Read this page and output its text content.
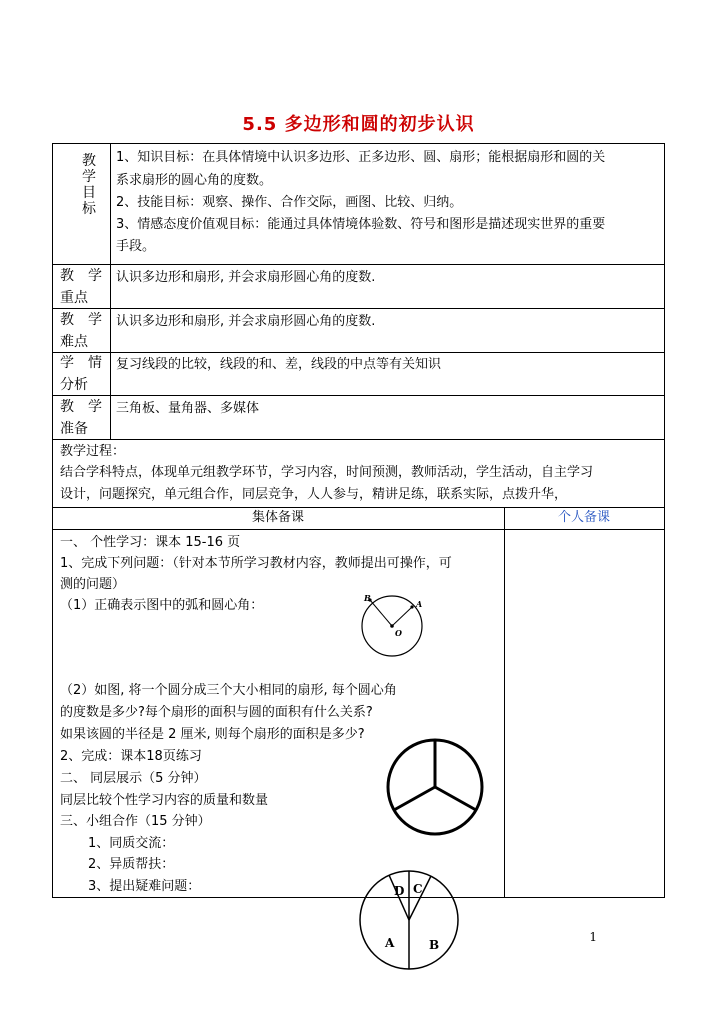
5.5 多边形和圆的初步认识
教学目标
1、知识目标：在具体情境中认识多边形、正多边形、圆、扇形；能根据扇形和圆的关
系求扇形的圆心角的度数。
2、技能目标：观察、操作、合作交际，画图、比较、归纳。
3、情感态度价值观目标：能通过具体情境体验数、符号和图形是描述现实世界的重要
手段。
教学
重点
认识多边形和扇形, 并会求扇形圆心角的度数.
教学
难点
认识多边形和扇形, 并会求扇形圆心角的度数.
学情
分析
复习线段的比较，线段的和、差，线段的中点等有关知识
教学
准备
三角板、量角器、多媒体
教学过程：
结合学科特点，体现单元组教学环节，学习内容，时间预测，教师活动，学生活动，自主学习
设计，问题探究，单元组合作，同层竞争，人人参与，精讲足练，联系实际，点拨升华，
集体备课	个人备课
一、 个性学习：课本 15-16 页
1、完成下列问题：（针对本节所学习教材内容，教师提出可操作，可
测的问题）
（1）正确表示图中的弧和圆心角：
（2）如图, 将一个圆分成三个大小相同的扇形, 每个圆心角
的度数是多少?每个扇形的面积与圆的面积有什么关系?
如果该圆的半径是 2 厘米, 则每个扇形的面积是多少?
2、完成：课本18页练习
二、 同层展示（5 分钟）
同层比较个性学习内容的质量和数量
三、小组合作（15 分钟）
1、同质交流：
2、异质帮扶：
3、提出疑难问题：
B
A
O
D C
A	B
1
